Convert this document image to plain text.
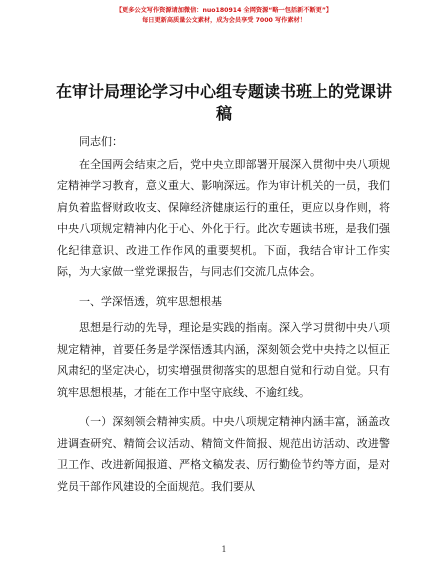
【更多公文写作资源请加微信：nuo180914 全网资源“略一包括新不断更”】
每日更新高质量公文素材，成为会员享受 7000 写作素材！
在审计局理论学习中心组专题读书班上的党课讲稿

同志们：

在全国两会结束之后，党中央立即部署开展深入贯彻中央八项规定精神学习教育，意义重大、影响深远。作为审计机关的一员，我们肩负着监督财政收支、保障经济健康运行的重任，更应以身作则，将中央八项规定精神内化于心、外化于行。此次专题读书班，是我们强化纪律意识、改进工作作风的重要契机。下面，我结合审计工作实际，为大家做一堂党课报告，与同志们交流几点体会。

一、学深悟透，筑牢思想根基

思想是行动的先导，理论是实践的指南。深入学习贯彻中央八项规定精神，首要任务是学深悟透其内涵，深刻领会党中央持之以恒正风肃纪的坚定决心，切实增强贯彻落实的思想自觉和行动自觉。只有筑牢思想根基，才能在工作中坚守底线、不逾红线。

（一）深刻领会精神实质。中央八项规定精神内涵丰富，涵盖改进调查研究、精简会议活动、精简文件简报、规范出访活动、改进警卫工作、改进新闻报道、严格文稿发表、厉行勤俭节约等方面，是对党员干部作风建设的全面规范。我们要从

1
